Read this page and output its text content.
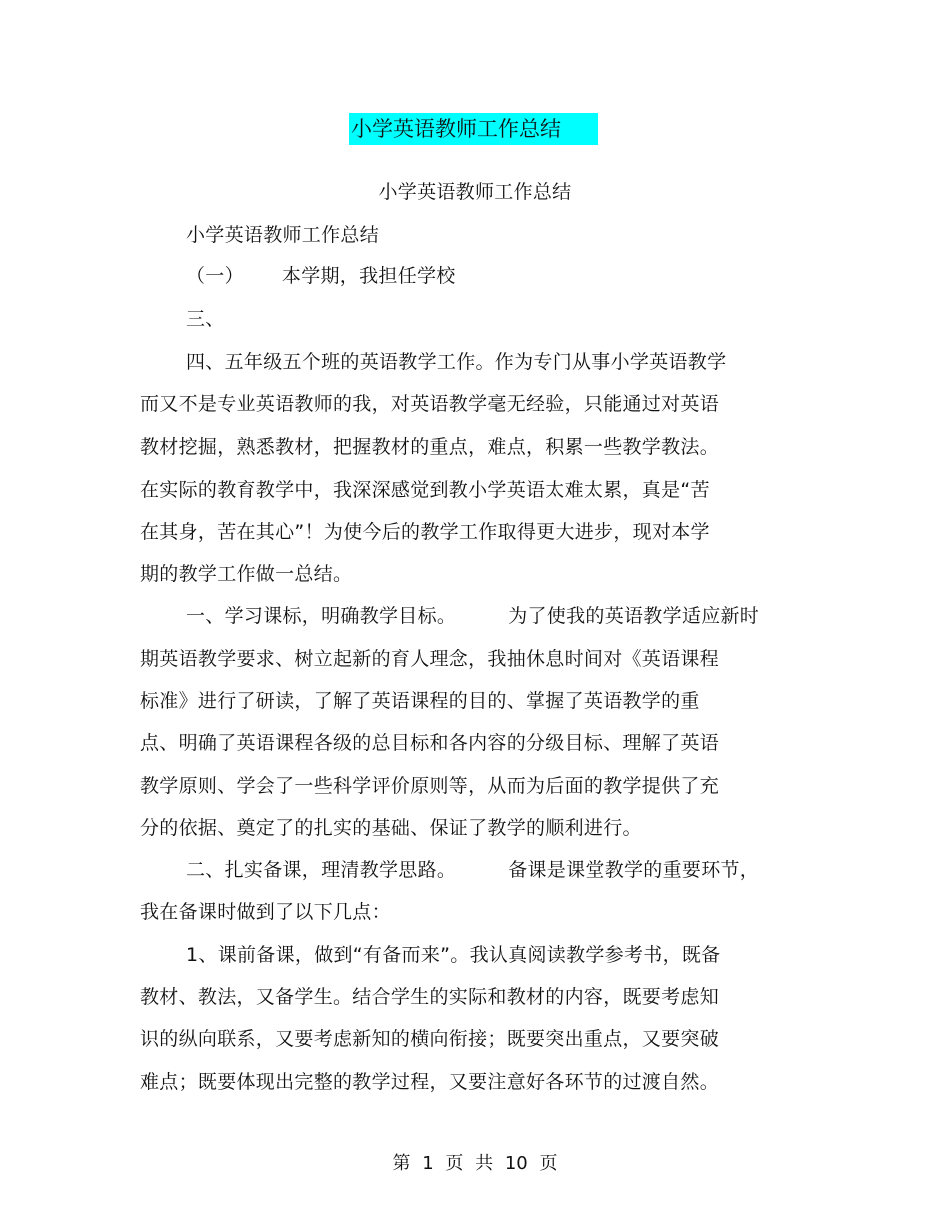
小学英语教师工作总结
小学英语教师工作总结
小学英语教师工作总结
（一） 本学期，我担任学校
三、
四、五年级五个班的英语教学工作。作为专门从事小学英语教学
而又不是专业英语教师的我，对英语教学毫无经验，只能通过对英语
教材挖掘，熟悉教材，把握教材的重点，难点，积累一些教学教法。
在实际的教育教学中，我深深感觉到教小学英语太难太累，真是“苦
在其身，苦在其心”！为使今后的教学工作取得更大进步，现对本学
期的教学工作做一总结。
一、学习课标，明确教学目标。	为了使我的英语教学适应新时
期英语教学要求、树立起新的育人理念，我抽休息时间对《英语课程
标准》进行了研读，了解了英语课程的目的、掌握了英语教学的重
点、明确了英语课程各级的总目标和各内容的分级目标、理解了英语
教学原则、学会了一些科学评价原则等，从而为后面的教学提供了充
分的依据、奠定了的扎实的基础、保证了教学的顺利进行。
二、扎实备课，理清教学思路。	备课是课堂教学的重要环节，
我在备课时做到了以下几点：
1、课前备课，做到“有备而来”。我认真阅读教学参考书，既备
教材、教法，又备学生。结合学生的实际和教材的内容，既要考虑知
识的纵向联系，又要考虑新知的横向衔接；既要突出重点，又要突破
难点；既要体现出完整的教学过程，又要注意好各环节的过渡自然。
第 1 页 共 10 页
